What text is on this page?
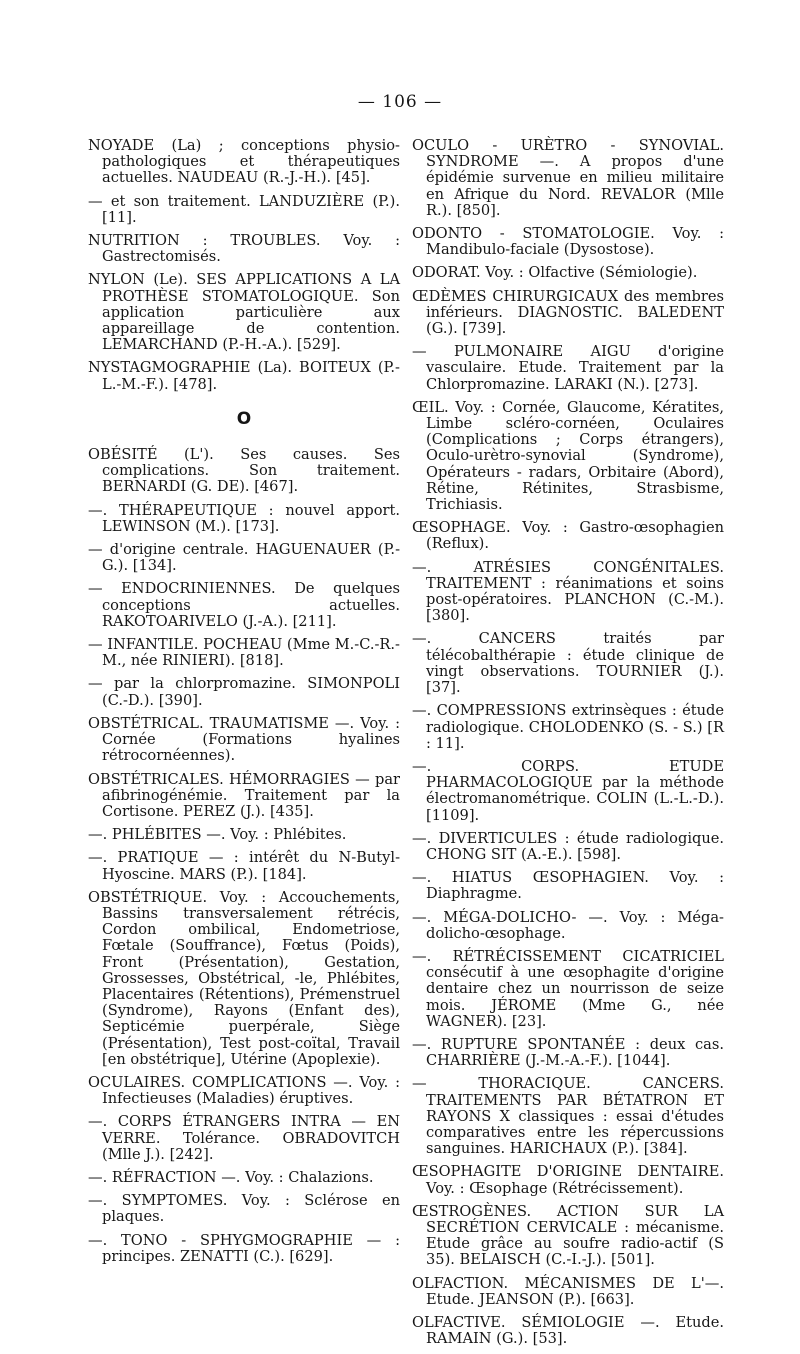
— 106 —

NOYADE (La) ; conceptions physio-pathologiques et thérapeutiques actuelles. NAUDEAU (R.-J.-H.). [45].

— et son traitement. LANDUZIÈRE (P.). [11].

NUTRITION : TROUBLES. Voy. : Gastrectomisés.

NYLON (Le). SES APPLICATIONS A LA PROTHÈSE STOMATOLOGIQUE. Son application particulière aux appareillage de contention. LEMARCHAND (P.-H.-A.). [529].

NYSTAGMOGRAPHIE (La). BOITEUX (P.-L.-M.-F.). [478].

O

OBÉSITÉ (L'). Ses causes. Ses complications. Son traitement. BERNARDI (G. DE). [467].

—. THÉRAPEUTIQUE : nouvel apport. LEWINSON (M.). [173].

— d'origine centrale. HAGUENAUER (P.-G.). [134].

— ENDOCRINIENNES. De quelques conceptions actuelles. RAKOTOARIVELO (J.-A.). [211].

— INFANTILE. POCHEAU (Mme M.-C.-R.-M., née RINIERI). [818].

— par la chlorpromazine. SIMONPOLI (C.-D.). [390].

OBSTÉTRICAL. TRAUMATISME —. Voy. : Cornée (Formations hyalines rétrocornéennes).

OBSTÉTRICALES. HÉMORRAGIES — par afibrinogénémie. Traitement par la Cortisone. PEREZ (J.). [435].

—. PHLÉBITES —. Voy. : Phlébites.

—. PRATIQUE — : intérêt du N-Butyl-Hyoscine. MARS (P.). [184].

OBSTÉTRIQUE. Voy. : Accouchements, Bassins transversalement rétrécis, Cordon ombilical, Endometriose, Fœtale (Souffrance), Fœtus (Poids), Front (Présentation), Gestation, Grossesses, Obstétrical, -le, Phlébites, Placentaires (Rétentions), Prémenstruel (Syndrome), Rayons (Enfant des), Septicémie puerpérale, Siège (Présentation), Test post-coïtal, Travail [en obstétrique], Utérine (Apoplexie).

OCULAIRES. COMPLICATIONS —. Voy. : Infectieuses (Maladies) éruptives.

—. CORPS ÉTRANGERS INTRA — EN VERRE. Tolérance. OBRADOVITCH (Mlle J.). [242].

—. RÉFRACTION —. Voy. : Chalazions.

—. SYMPTOMES. Voy. : Sclérose en plaques.

—. TONO - SPHYGMOGRAPHIE — : principes. ZENATTI (C.). [629].

OCULO - URÈTRO - SYNOVIAL. SYNDROME —. A propos d'une épidémie survenue en milieu militaire en Afrique du Nord. REVALOR (Mlle R.). [850].

ODONTO - STOMATOLOGIE. Voy. : Mandibulo-faciale (Dysostose).

ODORAT. Voy. : Olfactive (Sémiologie).

ŒDÈMES CHIRURGICAUX des membres inférieurs. DIAGNOSTIC. BALEDENT (G.). [739].

— PULMONAIRE AIGU d'origine vasculaire. Etude. Traitement par la Chlorpromazine. LARAKI (N.). [273].

ŒIL. Voy. : Cornée, Glaucome, Kératites, Limbe scléro-cornéen, Oculaires (Complications ; Corps étrangers), Oculo-urètro-synovial (Syndrome), Opérateurs - radars, Orbitaire (Abord), Rétine, Rétinites, Strasbisme, Trichiasis.

ŒSOPHAGE. Voy. : Gastro-œsophagien (Reflux).

—. ATRÉSIES CONGÉNITALES. TRAITEMENT : réanimations et soins post-opératoires. PLANCHON (C.-M.). [380].

—. CANCERS traités par télécobalthérapie : étude clinique de vingt observations. TOURNIER (J.). [37].

—. COMPRESSIONS extrinsèques : étude radiologique. CHOLODENKO (S. - S.) [R : 11].

—. CORPS. ETUDE PHARMACOLOGIQUE par la méthode électromanométrique. COLIN (L.-L.-D.). [1109].

—. DIVERTICULES : étude radiologique. CHONG SIT (A.-E.). [598].

—. HIATUS ŒSOPHAGIEN. Voy. : Diaphragme.

—. MÉGA-DOLICHO- —. Voy. : Méga-dolicho-œsophage.

—. RÉTRÉCISSEMENT CICATRICIEL consécutif à une œsophagite d'origine dentaire chez un nourrisson de seize mois. JÉROME (Mme G., née WAGNER). [23].

—. RUPTURE SPONTANÉE : deux cas. CHARRIÈRE (J.-M.-A.-F.). [1044].

— THORACIQUE. CANCERS. TRAITEMENTS PAR BÉTATRON ET RAYONS X classiques : essai d'études comparatives entre les répercussions sanguines. HARICHAUX (P.). [384].

ŒSOPHAGITE D'ORIGINE DENTAIRE. Voy. : Œsophage (Rétrécissement).

ŒSTROGÈNES. ACTION SUR LA SECRÉTION CERVICALE : mécanisme. Etude grâce au soufre radio-actif (S 35). BELAISCH (C.-I.-J.). [501].

OLFACTION. MÉCANISMES DE L'—. Etude. JEANSON (P.). [663].

OLFACTIVE. SÉMIOLOGIE —. Etude. RAMAIN (G.). [53].
